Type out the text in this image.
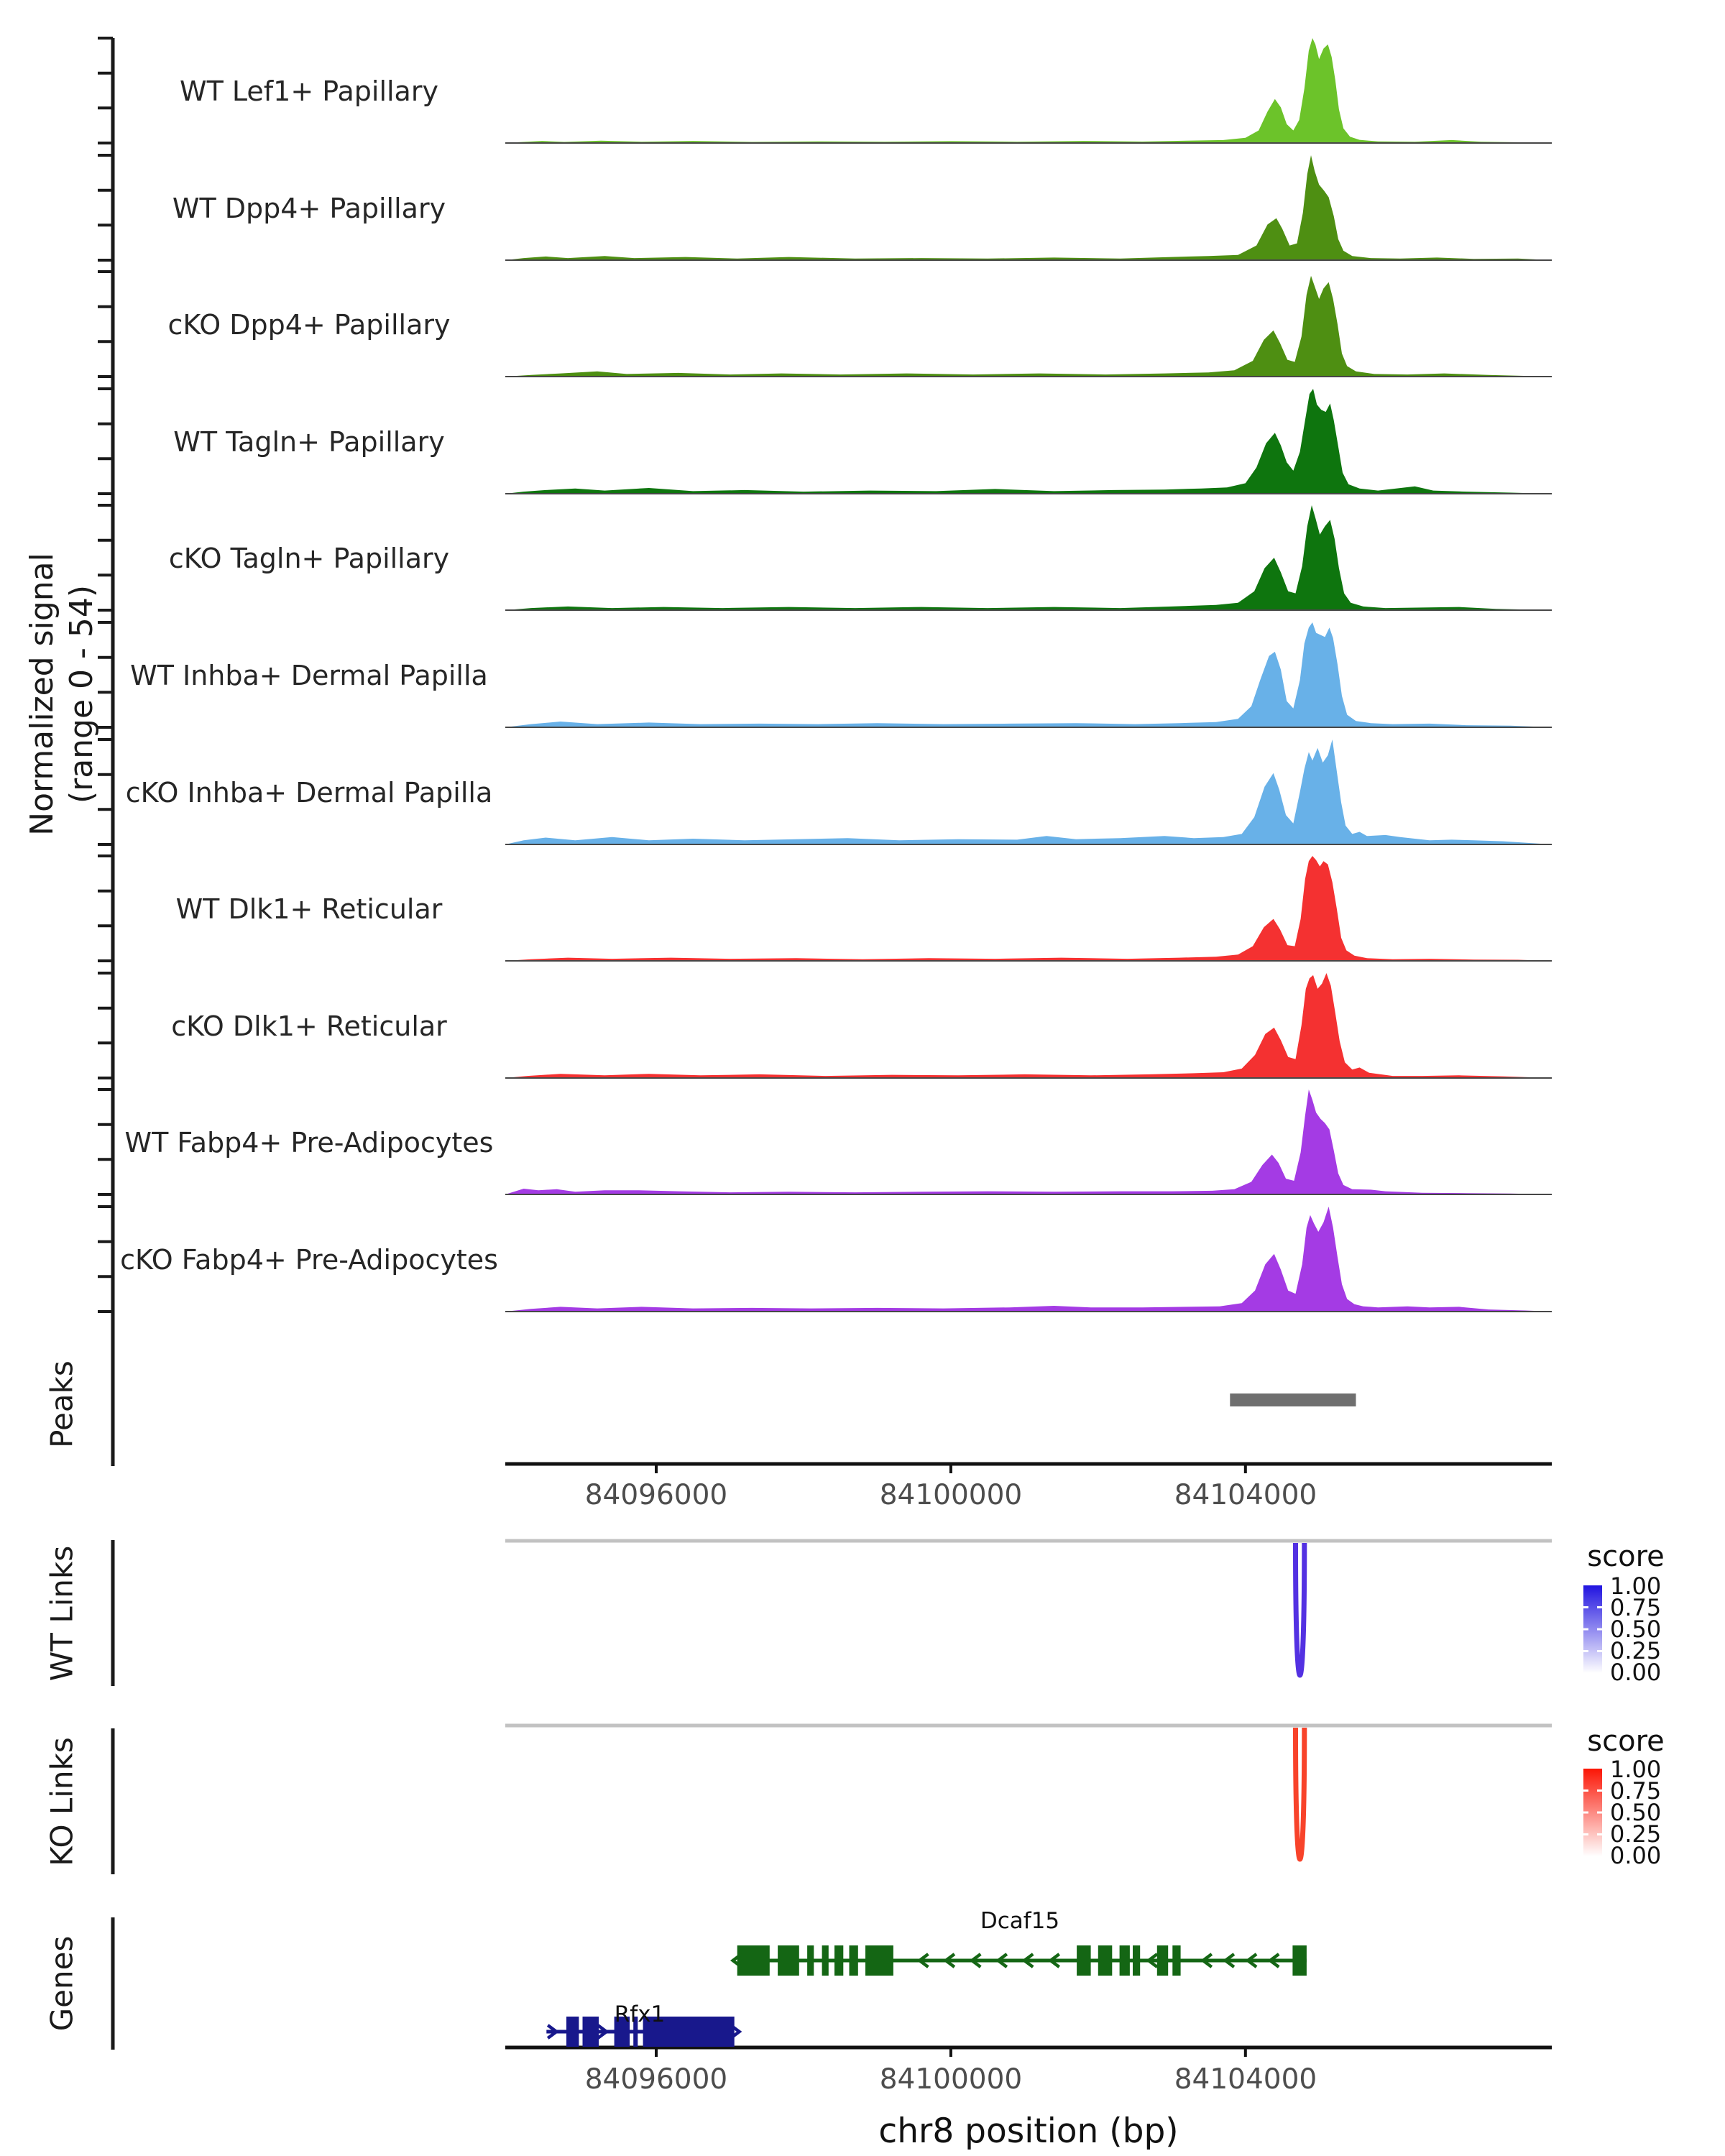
Normalized signal (range 0 - 54)
Peaks
WT Links
KO Links
Genes
WT Lef1+ Papillary
WT Dpp4+ Papillary
cKO Dpp4+ Papillary
WT Tagln+ Papillary
cKO Tagln+ Papillary
WT Inhba+ Dermal Papilla
cKO Inhba+ Dermal Papilla
WT Dlk1+ Reticular
cKO Dlk1+ Reticular
WT Fabp4+ Pre-Adipocytes
cKO Fabp4+ Pre-Adipocytes
84096000	84100000	84104000
score
1.00
0.75
0.50
0.25
0.00
score
1.00
0.75
0.50
0.25
0.00
Dcaf15
Rfx1
84096000	84100000	84104000
chr8 position (bp)
